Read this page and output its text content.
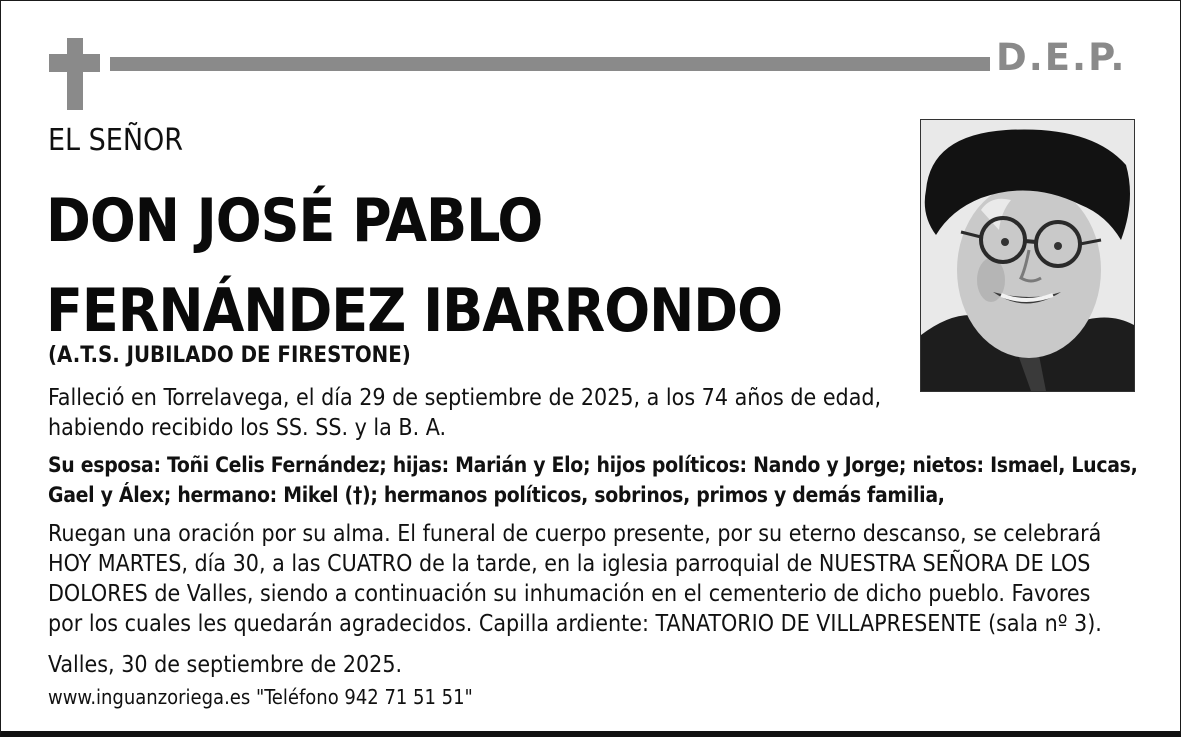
D.E.P.
EL SEÑOR
DON JOSÉ PABLO
FERNÁNDEZ IBARRONDO
(A.T.S. JUBILADO DE FIRESTONE)

Falleció en Torrelavega, el día 29 de septiembre de 2025, a los 74 años de edad,
habiendo recibido los SS. SS. y la B. A.

Su esposa: Toñi Celis Fernández; hijas: Marián y Elo; hijos políticos: Nando y Jorge; nietos: Ismael, Lucas,
Gael y Álex; hermano: Mikel (†); hermanos políticos, sobrinos, primos y demás familia,

Ruegan una oración por su alma. El funeral de cuerpo presente, por su eterno descanso, se celebrará
HOY MARTES, día 30, a las CUATRO de la tarde, en la iglesia parroquial de NUESTRA SEÑORA DE LOS
DOLORES de Valles, siendo a continuación su inhumación en el cementerio de dicho pueblo. Favores
por los cuales les quedarán agradecidos. Capilla ardiente: TANATORIO DE VILLAPRESENTE (sala nº 3).

Valles, 30 de septiembre de 2025.
www.inguanzoriega.es "Teléfono 942 71 51 51"
